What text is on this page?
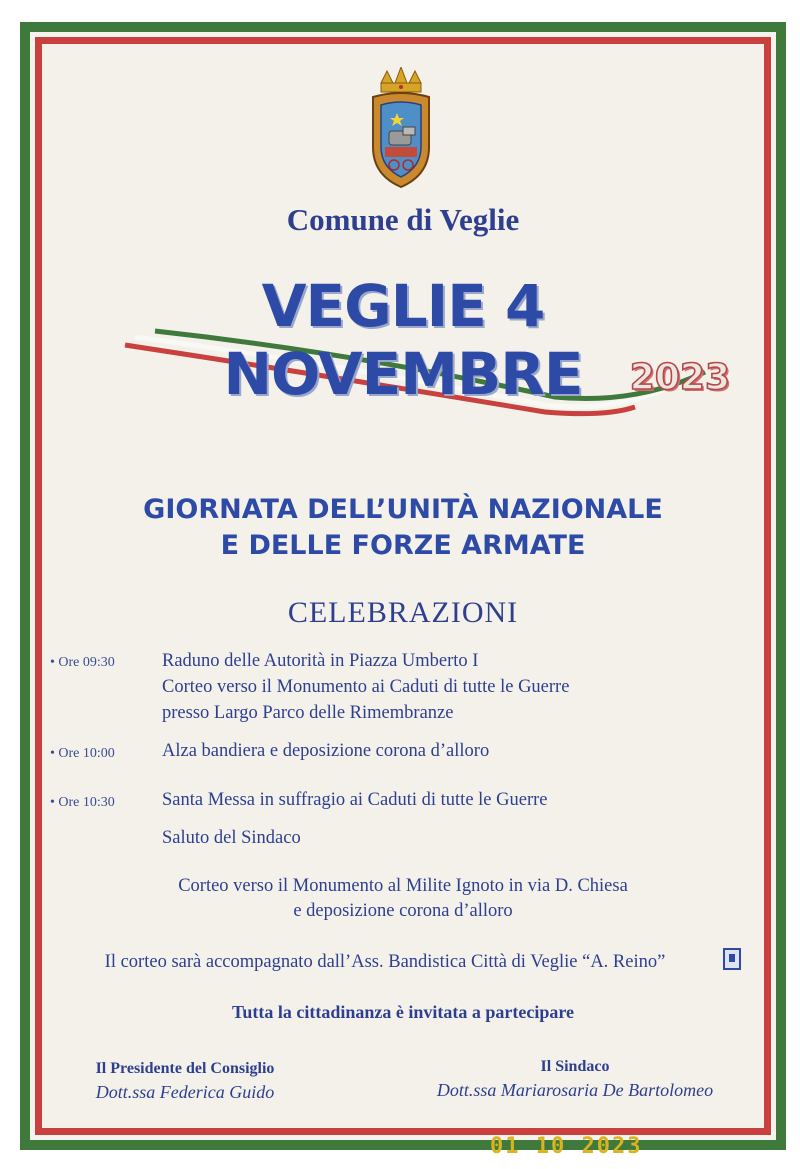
Comune di Veglie
VEGLIE 4 NOVEMBRE	2023
GIORNATA DELL’UNITÀ NAZIONALE
E DELLE FORZE ARMATE
CELEBRAZIONI
• Ore 09:30	Raduno delle Autorità in Piazza Umberto I
Corteo verso il Monumento ai Caduti di tutte le Guerre
presso Largo Parco delle Rimembranze
• Ore 10:00	Alza bandiera e deposizione corona d’alloro
• Ore 10:30	Santa Messa in suffragio ai Caduti di tutte le Guerre
Saluto del Sindaco
Corteo verso il Monumento al Milite Ignoto in via D. Chiesa
e deposizione corona d’alloro
Il corteo sarà accompagnato dall’Ass. Bandistica Città di Veglie “A. Reino”
Tutta la cittadinanza è invitata a partecipare
Il Presidente del Consiglio
Dott.ssa Federica Guido
Il Sindaco
Dott.ssa Mariarosaria De Bartolomeo
01 10 2023
